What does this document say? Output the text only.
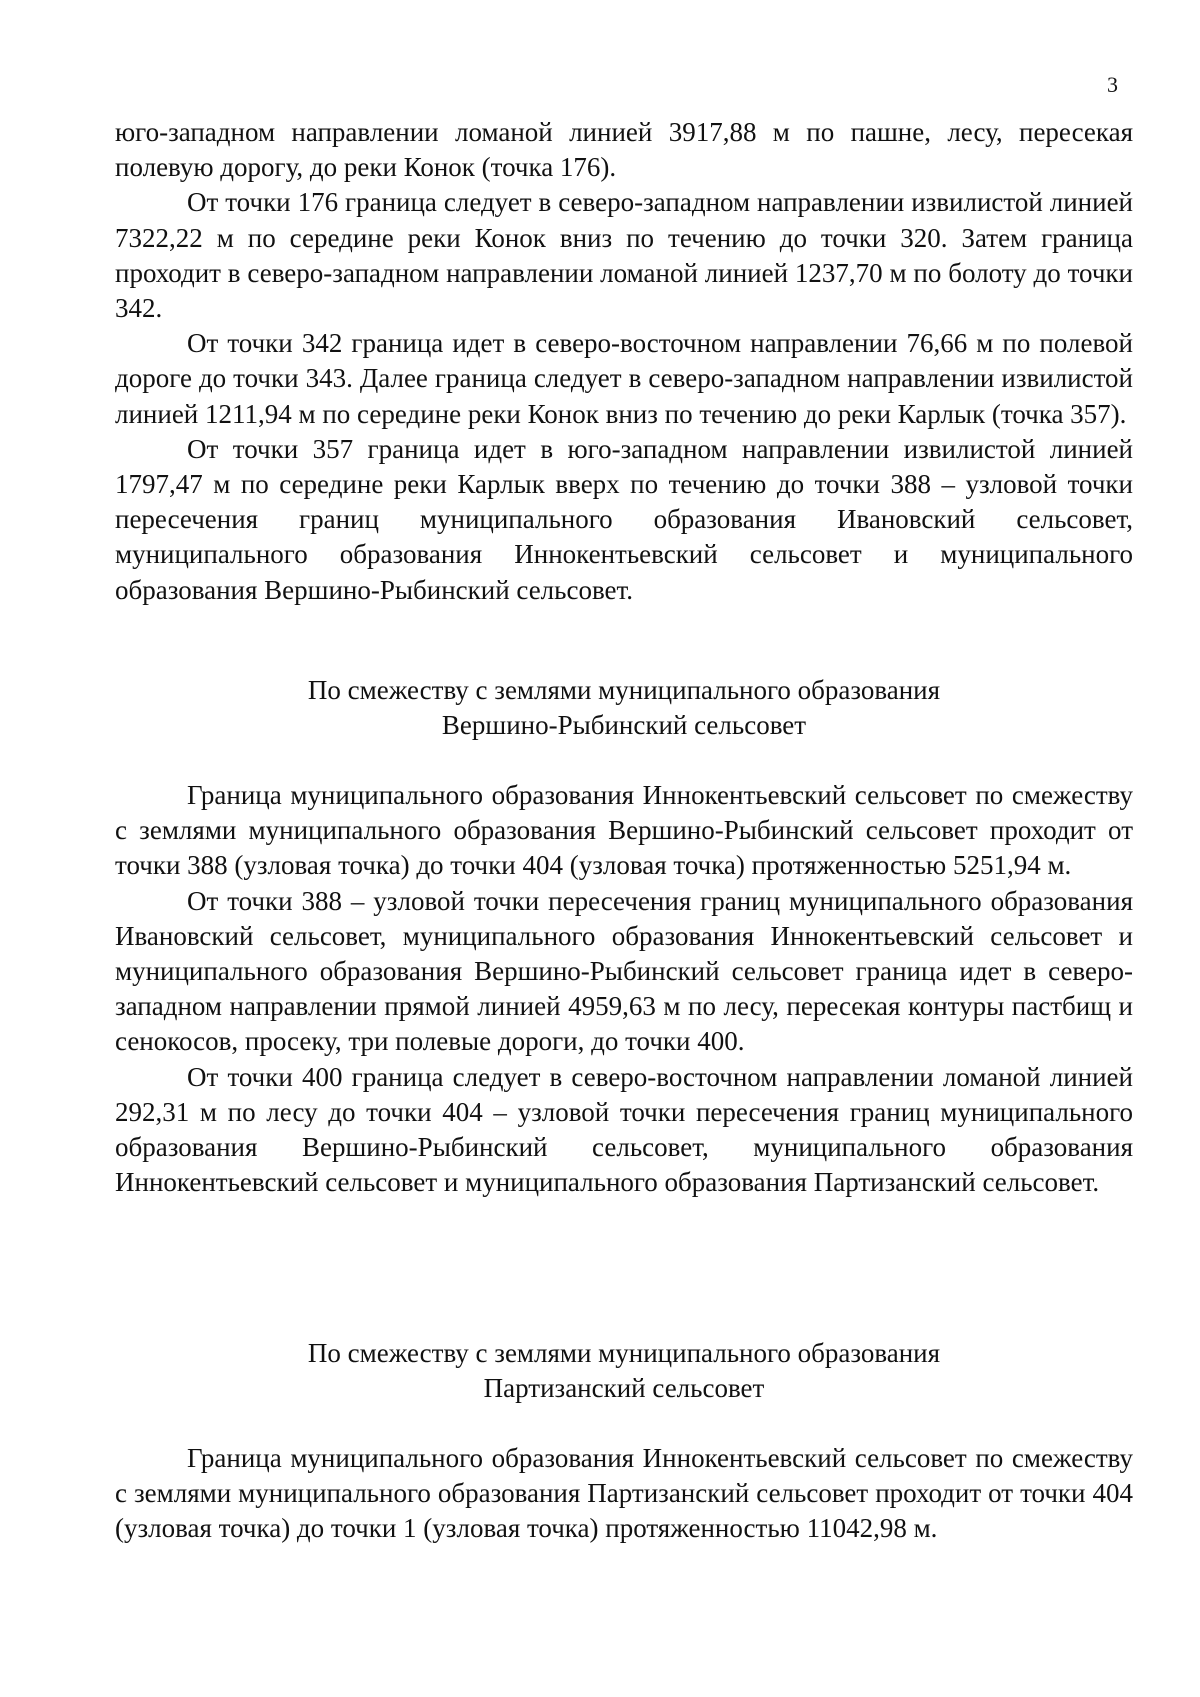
3

юго-западном направлении ломаной линией 3917,88 м по пашне, лесу, пересекая полевую дорогу, до реки Конок (точка 176).

От точки 176 граница следует в северо-западном направлении извилистой линией 7322,22 м по середине реки Конок вниз по течению до точки 320. Затем граница проходит в северо-западном направлении ломаной линией 1237,70 м по болоту до точки 342.

От точки 342 граница идет в северо-восточном направлении 76,66 м по полевой дороге до точки 343. Далее граница следует в северо-западном направлении извилистой линией 1211,94 м по середине реки Конок вниз по течению до реки Карлык (точка 357).

От точки 357 граница идет в юго-западном направлении извилистой линией 1797,47 м по середине реки Карлык вверх по течению до точки 388 – узловой точки пересечения границ муниципального образования Ивановский сельсовет, муниципального образования Иннокентьевский сельсовет и муниципального образования Вершино-Рыбинский сельсовет.

По смежеству с землями муниципального образования
Вершино-Рыбинский сельсовет

Граница муниципального образования Иннокентьевский сельсовет по смежеству с землями муниципального образования Вершино-Рыбинский сельсовет проходит от точки 388 (узловая точка) до точки 404 (узловая точка) протяженностью 5251,94 м.

От точки 388 – узловой точки пересечения границ муниципального образования Ивановский сельсовет, муниципального образования Иннокентьевский сельсовет и муниципального образования Вершино-Рыбинский сельсовет граница идет в северо-западном направлении прямой линией 4959,63 м по лесу, пересекая контуры пастбищ и сенокосов, просеку, три полевые дороги, до точки 400.

От точки 400 граница следует в северо-восточном направлении ломаной линией 292,31 м по лесу до точки 404 – узловой точки пересечения границ муниципального образования Вершино-Рыбинский сельсовет, муниципального образования Иннокентьевский сельсовет и муниципального образования Партизанский сельсовет.

По смежеству с землями муниципального образования
Партизанский сельсовет

Граница муниципального образования Иннокентьевский сельсовет по смежеству с землями муниципального образования Партизанский сельсовет проходит от точки 404 (узловая точка) до точки 1 (узловая точка) протяженностью 11042,98 м.
